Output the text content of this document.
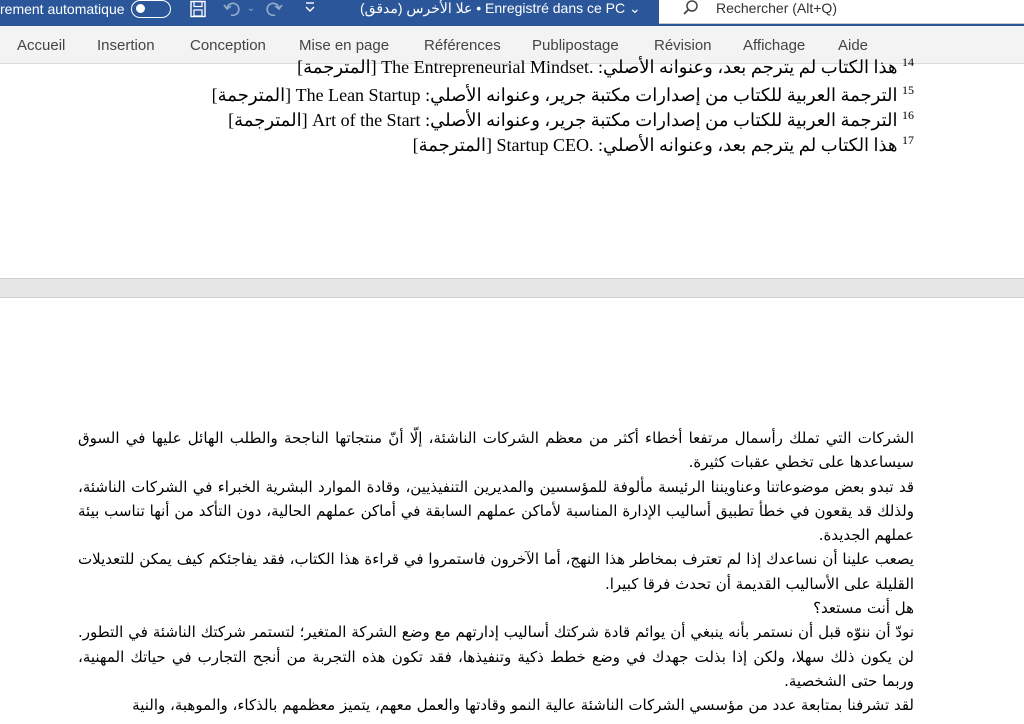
rement automatique	⌄	علا الأخرس (مدقق) • Enregistré dans ce PC ⌄	Rechercher (Alt+Q)
Accueil Insertion Conception Mise en page Références Publipostage Révision Affichage Aide
$^{14}$ هذا الكتاب لم يترجم بعد، وعنوانه الأصلي: .The Entrepreneurial Mindset [المترجمة]
$^{15}$ الترجمة العربية للكتاب من إصدارات مكتبة جرير، وعنوانه الأصلي: The Lean Startup [المترجمة]
$^{16}$ الترجمة العربية للكتاب من إصدارات مكتبة جرير، وعنوانه الأصلي: Art of the Start [المترجمة]
$^{17}$ هذا الكتاب لم يترجم بعد، وعنوانه الأصلي: .Startup CEO [المترجمة]

الشركات التي تملك رأسمال مرتفعا أخطاء أكثر من معظم الشركات الناشئة، إلّا أنّ منتجاتها الناجحة والطلب الهائل عليها في السوق سيساعدها على تخطي عقبات كثيرة.

قد تبدو بعض موضوعاتنا وعناويننا الرئيسة مألوفة للمؤسسين والمديرين التنفيذيين، وقادة الموارد البشرية الخبراء في الشركات الناشئة، ولذلك قد يقعون في خطأ تطبيق أساليب الإدارة المناسبة لأماكن عملهم السابقة في أماكن عملهم الحالية، دون التأكد من أنها تناسب بيئة عملهم الجديدة.

يصعب علينا أن نساعدك إذا لم تعترف بمخاطر هذا النهج، أما الآخرون فاستمروا في قراءة هذا الكتاب، فقد يفاجئكم كيف يمكن للتعديلات القليلة على الأساليب القديمة أن تحدث فرقا كبيرا.

هل أنت مستعد؟

نودّ أن ننوّه قبل أن نستمر بأنه ينبغي أن يوائم قادة شركتك أساليب إدارتهم مع وضع الشركة المتغير؛ لتستمر شركتك الناشئة في التطور. لن يكون ذلك سهلا، ولكن إذا بذلت جهدك في وضع خطط ذكية وتنفيذها، فقد تكون هذه التجربة من أنجح التجارب في حياتك المهنية، وربما حتى الشخصية.

لقد تشرفنا بمتابعة عدد من مؤسسي الشركات الناشئة عالية النمو وقادتها والعمل معهم، يتميز معظمهم بالذكاء، والموهبة، والنية
